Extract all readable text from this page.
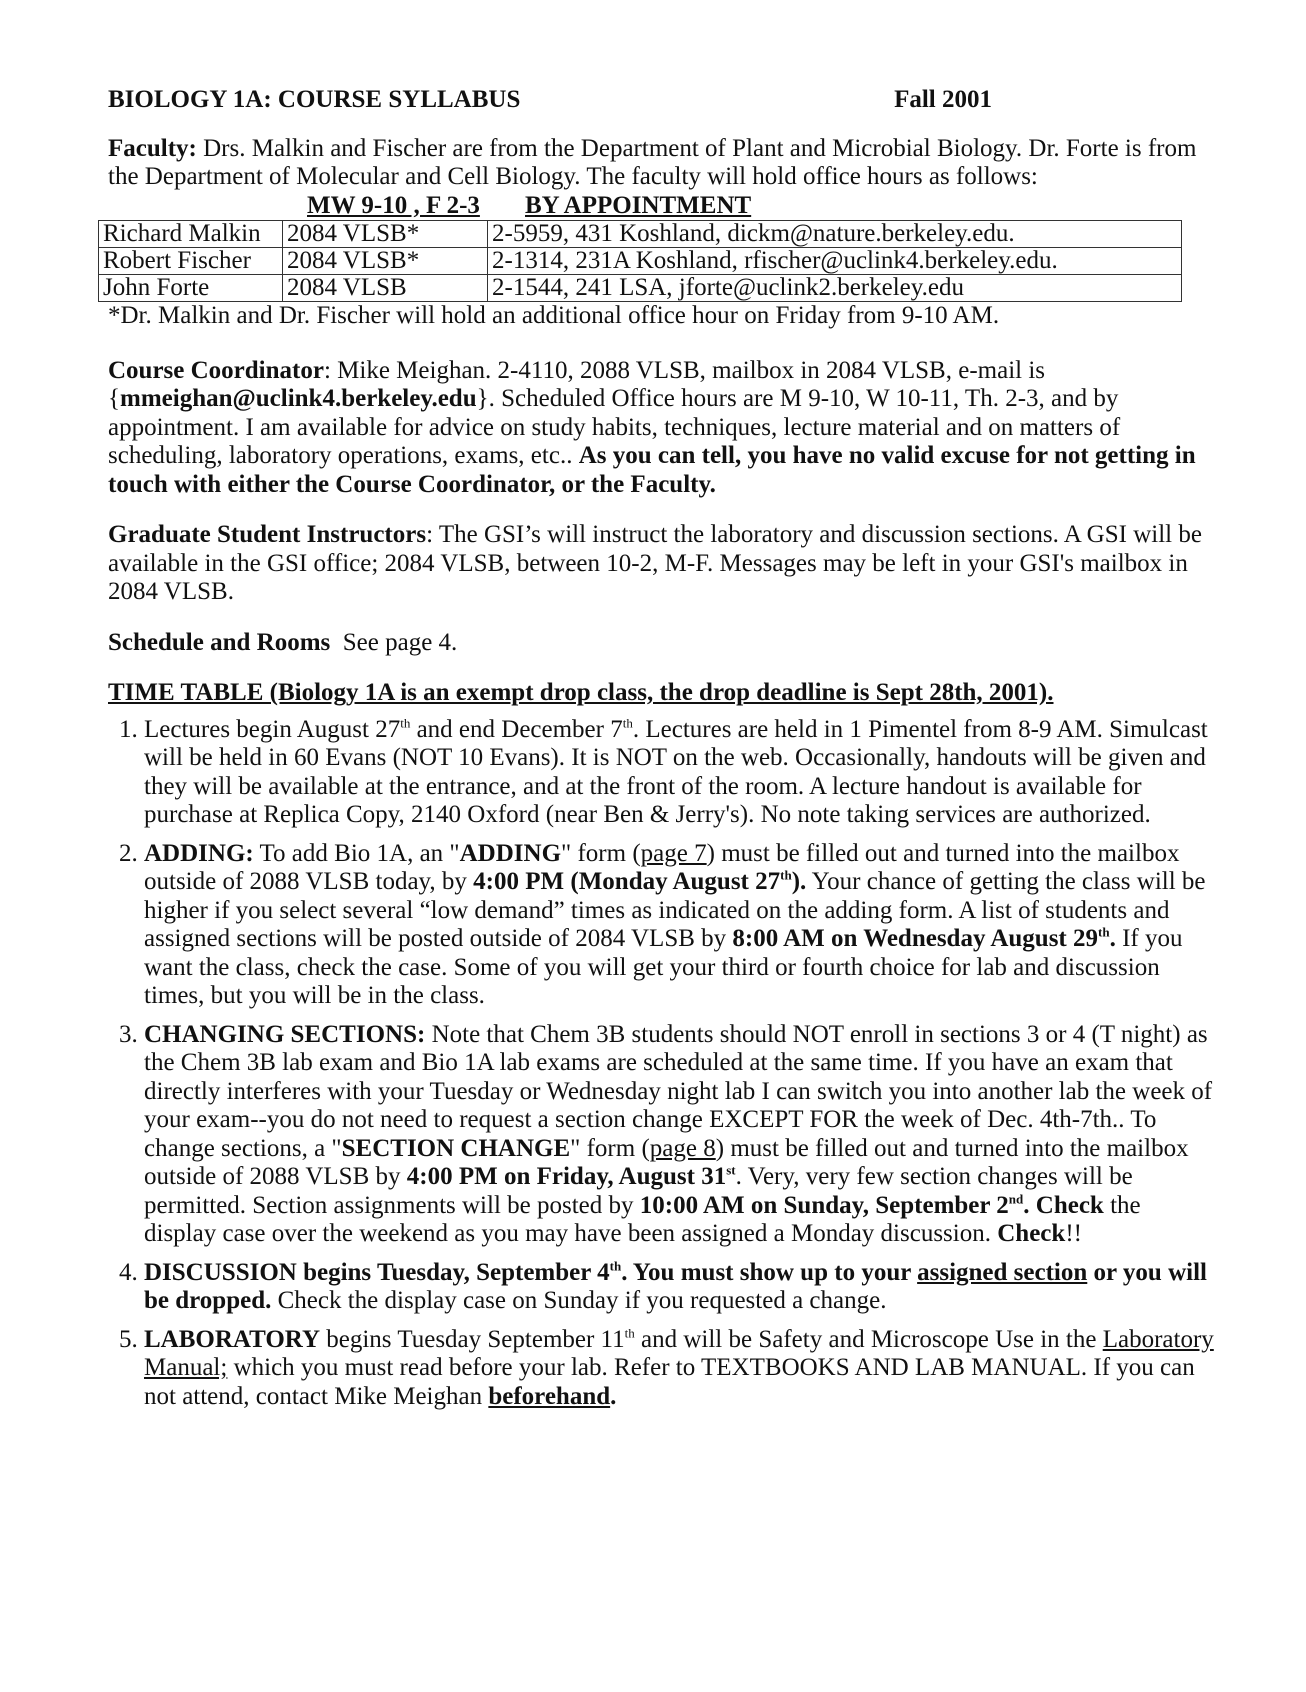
BIOLOGY 1A: COURSE SYLLABUS	Fall 2001

Faculty: Drs. Malkin and Fischer are from the Department of Plant and Microbial Biology. Dr. Forte is from the Department of Molecular and Cell Biology. The faculty will hold office hours as follows:

MW 9-10 , F 2-3	BY APPOINTMENT
Richard Malkin	2084 VLSB*	2-5959, 431 Koshland, dickm@nature.berkeley.edu.
Robert Fischer	2084 VLSB*	2-1314, 231A Koshland, rfischer@uclink4.berkeley.edu.
John Forte	2084 VLSB	2-1544, 241 LSA, jforte@uclink2.berkeley.edu
*Dr. Malkin and Dr. Fischer will hold an additional office hour on Friday from 9-10 AM.

Course Coordinator: Mike Meighan. 2-4110, 2088 VLSB, mailbox in 2084 VLSB, e-mail is {mmeighan@uclink4.berkeley.edu}. Scheduled Office hours are M 9-10, W 10-11, Th. 2-3, and by appointment. I am available for advice on study habits, techniques, lecture material and on matters of scheduling, laboratory operations, exams, etc.. As you can tell, you have no valid excuse for not getting in touch with either the Course Coordinator, or the Faculty.

Graduate Student Instructors: The GSI’s will instruct the laboratory and discussion sections. A GSI will be available in the GSI office; 2084 VLSB, between 10-2, M-F. Messages may be left in your GSI's mailbox in 2084 VLSB.

Schedule and Rooms See page 4.

TIME TABLE (Biology 1A is an exempt drop class, the drop deadline is Sept 28th, 2001).
1. Lectures begin August 27th and end December 7th. Lectures are held in 1 Pimentel from 8-9 AM. Simulcast will be held in 60 Evans (NOT 10 Evans). It is NOT on the web. Occasionally, handouts will be given and they will be available at the entrance, and at the front of the room. A lecture handout is available for purchase at Replica Copy, 2140 Oxford (near Ben & Jerry's). No note taking services are authorized.
2. ADDING: To add Bio 1A, an "ADDING" form (page 7) must be filled out and turned into the mailbox outside of 2088 VLSB today, by 4:00 PM (Monday August 27th). Your chance of getting the class will be higher if you select several “low demand” times as indicated on the adding form. A list of students and assigned sections will be posted outside of 2084 VLSB by 8:00 AM on Wednesday August 29th. If you want the class, check the case. Some of you will get your third or fourth choice for lab and discussion times, but you will be in the class.
3. CHANGING SECTIONS: Note that Chem 3B students should NOT enroll in sections 3 or 4 (T night) as the Chem 3B lab exam and Bio 1A lab exams are scheduled at the same time. If you have an exam that directly interferes with your Tuesday or Wednesday night lab I can switch you into another lab the week of your exam--you do not need to request a section change EXCEPT FOR the week of Dec. 4th-7th.. To change sections, a "SECTION CHANGE" form (page 8) must be filled out and turned into the mailbox outside of 2088 VLSB by 4:00 PM on Friday, August 31st. Very, very few section changes will be permitted. Section assignments will be posted by 10:00 AM on Sunday, September 2nd. Check the display case over the weekend as you may have been assigned a Monday discussion. Check!!
4. DISCUSSION begins Tuesday, September 4th. You must show up to your assigned section or you will be dropped. Check the display case on Sunday if you requested a change.
5. LABORATORY begins Tuesday September 11th and will be Safety and Microscope Use in the Laboratory Manual; which you must read before your lab. Refer to TEXTBOOKS AND LAB MANUAL. If you can not attend, contact Mike Meighan beforehand.
